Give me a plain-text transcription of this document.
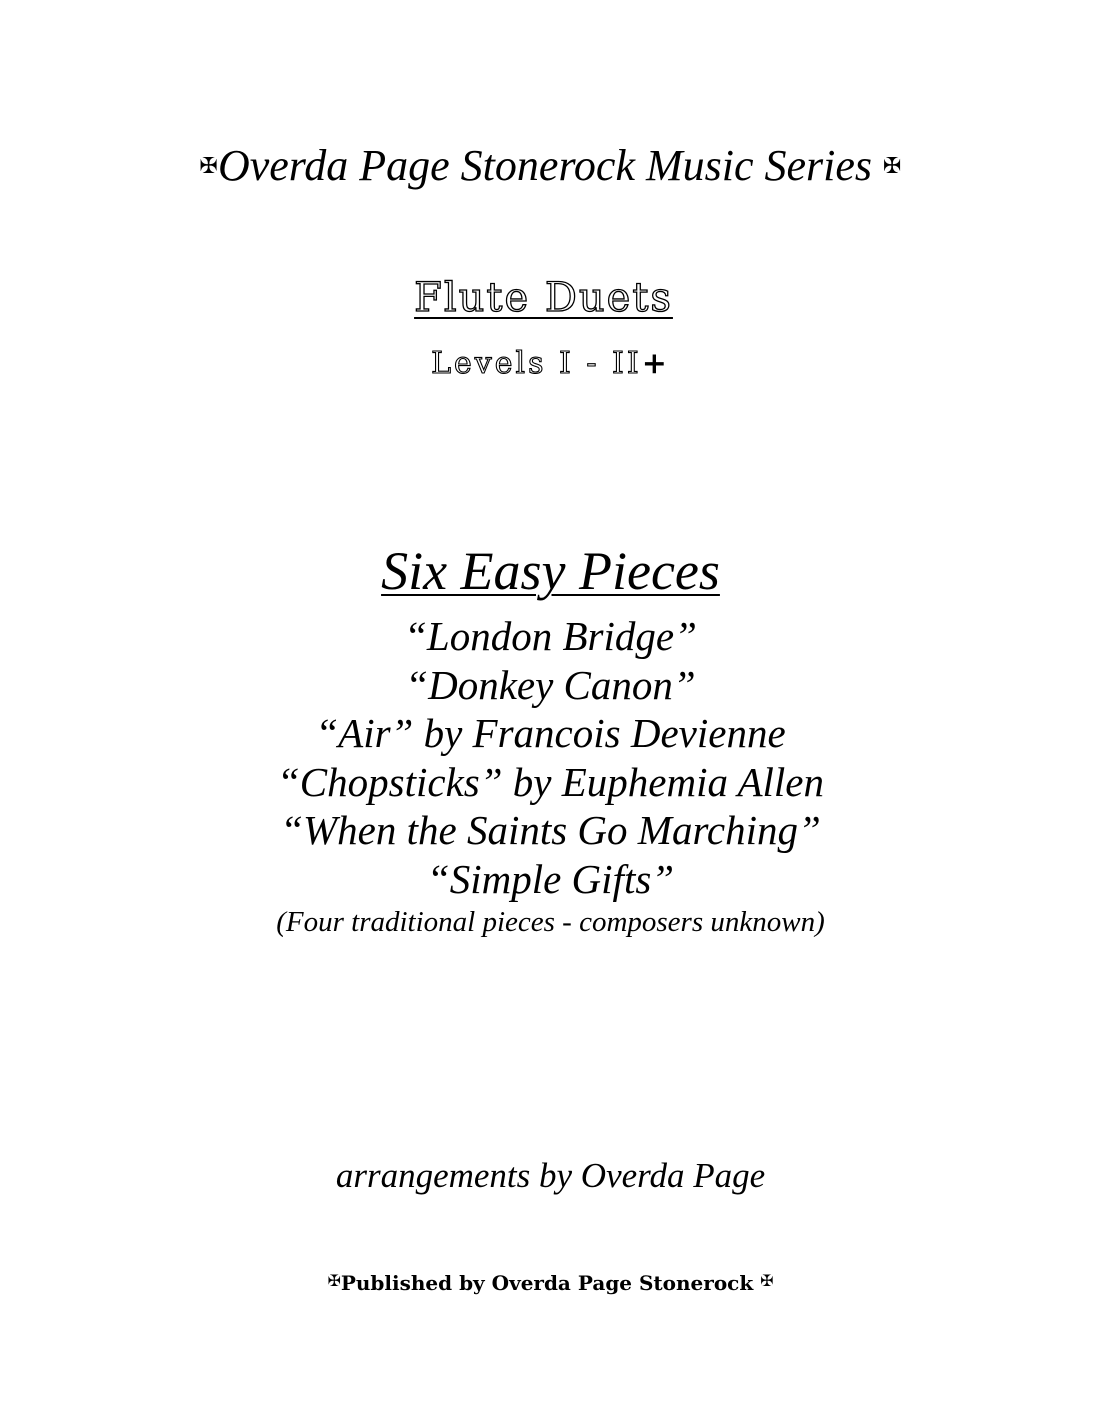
✠Overda Page Stonerock Music Series ✠
Flute Duets
Levels I - II+
Six Easy Pieces
“London Bridge”
“Donkey Canon”
“Air” by Francois Devienne
“Chopsticks” by Euphemia Allen
“When the Saints Go Marching”
“Simple Gifts”
(Four traditional pieces - composers unknown)
arrangements by Overda Page
✠Published by Overda Page Stonerock ✠
